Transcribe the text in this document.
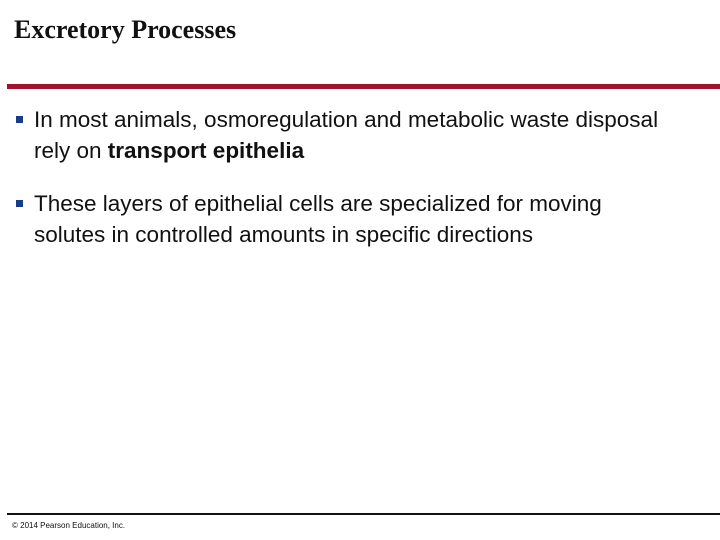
Excretory Processes
In most animals, osmoregulation and metabolic waste disposal rely on transport epithelia
These layers of epithelial cells are specialized for moving solutes in controlled amounts in specific directions
© 2014 Pearson Education, Inc.
